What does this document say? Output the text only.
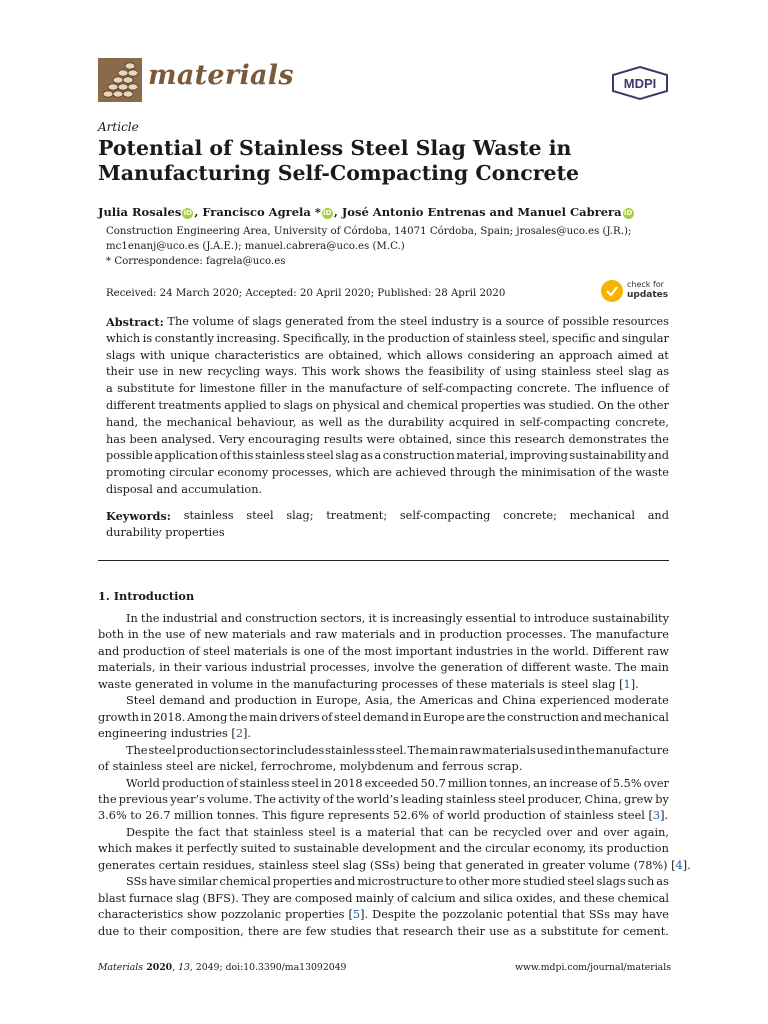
materials	MDPI
Article
Potential of Stainless Steel Slag Waste in
Manufacturing Self-Compacting Concrete
Julia Rosales iD , Francisco Agrela * iD , José Antonio Entrenas and Manuel Cabrera iD
Construction Engineering Area, University of Córdoba, 14071 Córdoba, Spain; jrosales@uco.es (J.R.);
mc1enanj@uco.es (J.A.E.); manuel.cabrera@uco.es (M.C.)
* Correspondence: fagrela@uco.es
Received: 24 March 2020; Accepted: 20 April 2020; Published: 28 April 2020
check for
updates
Abstract: The volume of slags generated from the steel industry is a source of possible resources
which is constantly increasing. Specifically, in the production of stainless steel, specific and singular
slags with unique characteristics are obtained, which allows considering an approach aimed at
their use in new recycling ways. This work shows the feasibility of using stainless steel slag as
a substitute for limestone filler in the manufacture of self-compacting concrete. The influence of
different treatments applied to slags on physical and chemical properties was studied. On the other
hand, the mechanical behaviour, as well as the durability acquired in self-compacting concrete,
has been analysed. Very encouraging results were obtained, since this research demonstrates the
possible application of this stainless steel slag as a construction material, improving sustainability and
promoting circular economy processes, which are achieved through the minimisation of the waste
disposal and accumulation.
Keywords: stainless steel slag; treatment; self-compacting concrete; mechanical and
durability properties
1. Introduction
In the industrial and construction sectors, it is increasingly essential to introduce sustainability
both in the use of new materials and raw materials and in production processes. The manufacture
and production of steel materials is one of the most important industries in the world. Different raw
materials, in their various industrial processes, involve the generation of different waste. The main
waste
generated
in
volume
in
the
manufacturing
processes
of
these
materials
is
steel
slag
[1].
Steel demand and production in Europe, Asia, the Americas and China experienced moderate
growth in 2018. Among the main drivers of steel demand in Europe are the construction and mechanical
engineering
industries
[2].
The steel production sector includes stainless steel. The main raw materials used in the manufacture
of
stainless
steel
are
nickel,
ferrochrome,
molybdenum
and
ferrous
scrap.
World production of stainless steel in 2018 exceeded 50.7 million tonnes, an increase of 5.5% over
the previous year’s volume. The activity of the world’s leading stainless steel producer, China, grew by
3.6%
to
26.7
million
tonnes.
This
figure
represents
52.6%
of
world
production
of
stainless
steel
[3].
Despite the fact that stainless steel is a material that can be recycled over and over again,
which makes it perfectly suited to sustainable development and the circular economy, its production
generates
certain
residues,
stainless
steel
slag
(SSs)
being
that
generated
in
greater
volume
(78%)
[4].
SSs have similar chemical properties and microstructure to other more studied steel slags such as
blast furnace slag (BFS). They are composed mainly of calcium and silica oxides, and these chemical
characteristics show pozzolanic properties [5]. Despite the pozzolanic potential that SSs may have
due to their composition, there are few studies that research their use as a substitute for cement.
Materials 2020, 13, 2049; doi:10.3390/ma13092049	www.mdpi.com/journal/materials
